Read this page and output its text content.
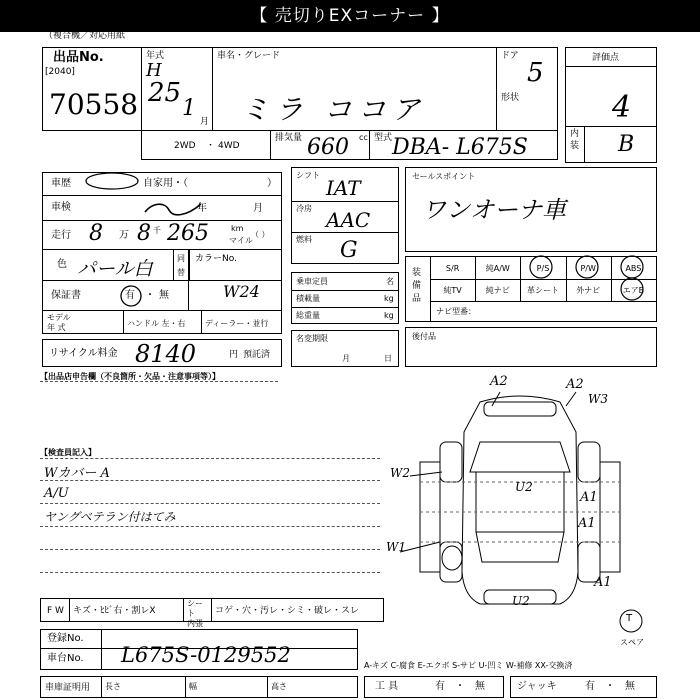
【 売切りEXコーナー 】
（複合機／対応用紙
出品No.
[2040]
70558
年式
H
25
1
月
車名・グレード
ミラ ココア
ドア
5
形状
評価点
4
内装 B
2WD ・ 4WD
排気量 660 cc 型式 DBA- L675S
車歴	自家用・（	）
車検	年	月
走行 8 万 8 千 265	km
マイル
（ ）
色 パール白	同
替
カラーNo.
W24
保証書	有 ・ 無
モデル
年 式	ハンドル 左・右 ディーラー・並行
リサイクル料金 8140	円 預託済
シフト
IAT
冷房 AAC
燃料 G
乗車定員	名
積載量	kg
総重量	kg
名変期限
月	日
セールスポイント
ワンオーナ車
装備品
S/R	純A/W	P/S	P/W	ABS
純TV	純ナビ	革シート	外ナビ	エアB
ナビ型番：
後付品
【出品店申告欄（不良箇所・欠品・注意事項等）】
【検査員記入】
Wカバー A
A/U
ヤングベテラン付はてみ
A2	A2
W3
W2
U2
A1
A1
W1
A1
U2
T
スペア
F W キズ・ﾋﾋﾞ右・割レX
シート
内張
コゲ・穴・汚レ・シミ・破レ・スレ
登録No.
車台No. L675S-0129552	A-キズ C-腐食 E-エクボ S-サビ U-凹ミ W-補修 XX-交換済
車庫証明用 長さ	幅	高さ	工 具	有 ・ 無	ジャッキ	有 ・ 無
